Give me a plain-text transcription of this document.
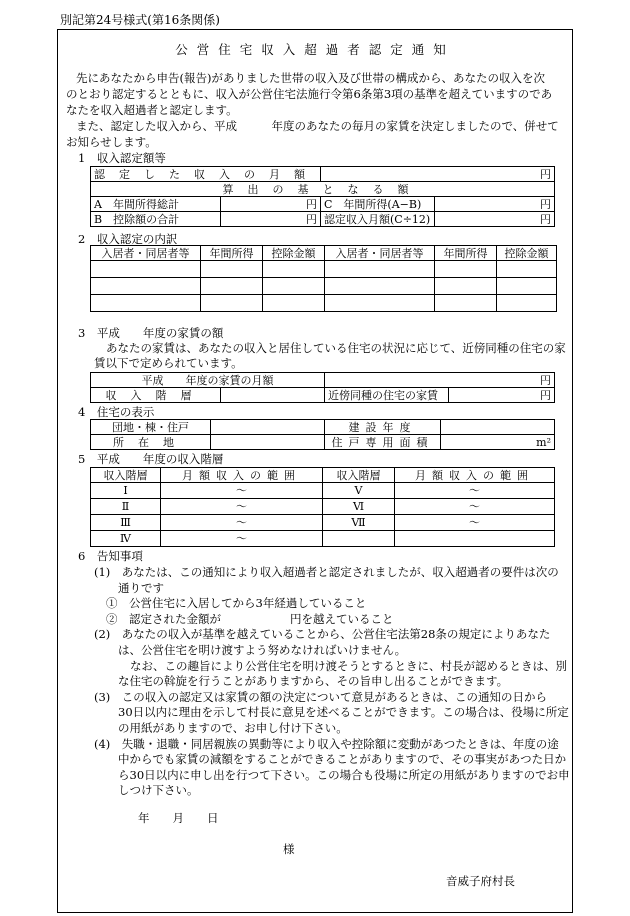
別記第24号様式(第16条関係)
公営住宅収入超過者認定通知
先にあなたから申告(報告)がありました世帯の収入及び世帯の構成から、あなたの収入を次
のとおり認定するとともに、収入が公営住宅法施行令第6条第3項の基準を超えていますのであ
なたを収入超過者と認定します。
また、認定した収入から、平成　　　年度のあなたの毎月の家賃を決定しましたので、併せて
お知らせします。
1　収入認定額等
認定した収入の月額		円	
算出の基となる額			
A　年間所得総計	円	C　年間所得(A−B)	円
B　控除額の合計	円	認定収入月額(C÷12)	円
2　収入認定の内訳
入居者・同居者等	年間所得	控除金額	入居者・同居者等	年間所得	控除金額

3　平成　　年度の家賃の額
あなたの家賃は、あなたの収入と居住している住宅の状況に応じて、近傍同種の住宅の家
賃以下で定められています。
平成　　年度の家賃の月額		円	
収入階層		近傍同種の住宅の家賃	円
4　住宅の表示
団地・棟・住戸		建設年度	
所在地		住戸専用面積	m²
5　平成　　年度の収入階層
収入階層	月額収入の範囲	収入階層	月額収入の範囲
Ⅰ	～	Ⅴ	～
Ⅱ	～	Ⅵ	～
Ⅲ	～	Ⅶ	～
Ⅳ	～		
6　告知事項
(1)　あなたは、この通知により収入超過者と認定されましたが、収入超過者の要件は次の
通りです
①　公営住宅に入居してから3年経過していること
②　認定された金額が　　　　　　円を越えていること
(2)　あなたの収入が基準を越えていることから、公営住宅法第28条の規定によりあなた
は、公営住宅を明け渡すよう努めなければいけません。
なお、この趣旨により公営住宅を明け渡そうとするときに、村長が認めるときは、別
な住宅の斡旋を行うことがありますから、その旨申し出ることができます。
(3)　この収入の認定又は家賃の額の決定について意見があるときは、この通知の日から
30日以内に理由を示して村長に意見を述べることができます。この場合は、役場に所定
の用紙がありますので、お申し付け下さい。
(4)　失職・退職・同居親族の異動等により収入や控除額に変動があつたときは、年度の途
中からでも家賃の減額をすることができることがありますので、その事実があつた日か
ら30日以内に申し出を行つて下さい。この場合も役場に所定の用紙がありますのでお申
しつけ下さい。
年　　月　　日
様
音威子府村長
